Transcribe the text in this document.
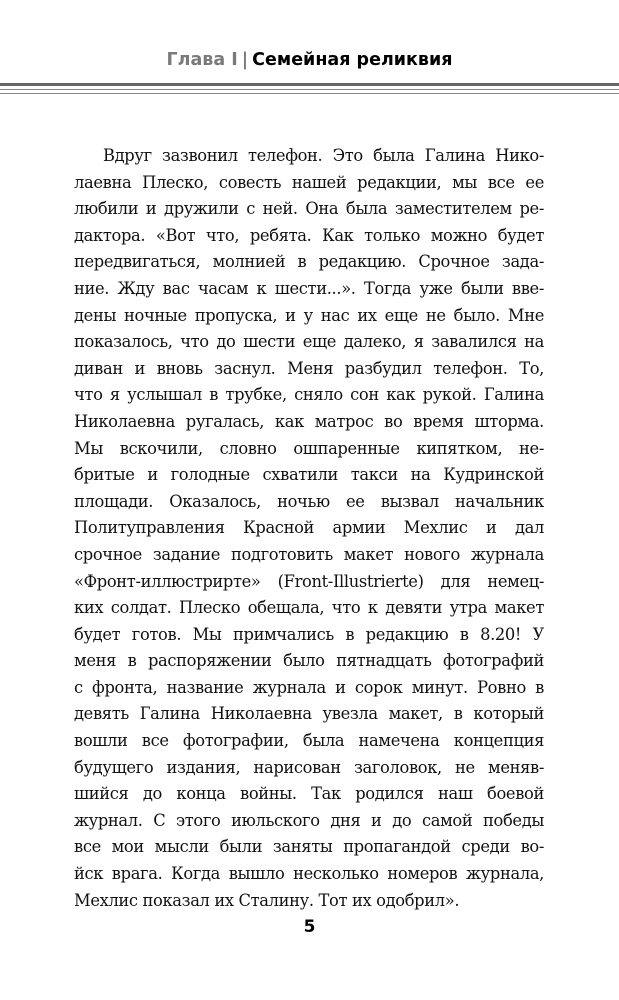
Глава I | Семейная реликвия
Вдруг зазвонил телефон. Это была Галина Нико-
лаевна Плеско, совесть нашей редакции, мы все ее
любили и дружили с ней. Она была заместителем ре-
дактора. «Вот что, ребята. Как только можно будет
передвигаться, молнией в редакцию. Срочное зада-
ние. Жду вас часам к шести...». Тогда уже были вве-
дены ночные пропуска, и у нас их еще не было. Мне
показалось, что до шести еще далеко, я завалился на
диван и вновь заснул. Меня разбудил телефон. То,
что я услышал в трубке, сняло сон как рукой. Галина
Николаевна ругалась, как матрос во время шторма.
Мы вскочили, словно ошпаренные кипятком, не-
бритые и голодные схватили такси на Кудринской
площади. Оказалось, ночью ее вызвал начальник
Политуправления Красной армии Мехлис и дал
срочное задание подготовить макет нового журнала
«Фронт-иллюстрирте» (Front-Illustrierte) для немец-
ких солдат. Плеско обещала, что к девяти утра макет
будет готов. Мы примчались в редакцию в 8.20! У
меня в распоряжении было пятнадцать фотографий
с фронта, название журнала и сорок минут. Ровно в
девять Галина Николаевна увезла макет, в который
вошли все фотографии, была намечена концепция
будущего издания, нарисован заголовок, не меняв-
шийся до конца войны. Так родился наш боевой
журнал. С этого июльского дня и до самой победы
все мои мысли были заняты пропагандой среди во-
йск врага. Когда вышло несколько номеров журнала,
Мехлис показал их Сталину. Тот их одобрил».
5
